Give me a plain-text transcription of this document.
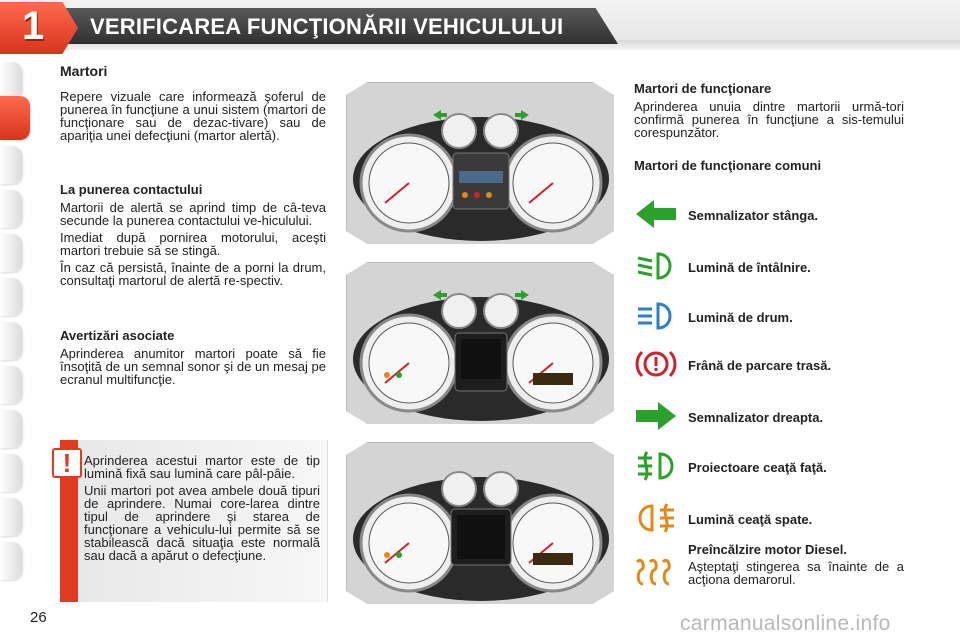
VERIFICAREA FUNCŢIONĂRII VEHICULULUI
1
Martori

Repere vizuale care informează şoferul de punerea în funcţiune a unui sistem (martori de funcţionare sau de dezac-tivare) sau de apariţia unei defecţiuni (martor alertă).

La punerea contactului

Martorii de alertă se aprind timp de câ-teva secunde la punerea contactului ve-hiculului.

Imediat după pornirea motorului, aceşti martori trebuie să se stingă.

În caz că persistă, înainte de a porni la drum, consultaţi martorul de alertă re-spectiv.

Avertizări asociate

Aprinderea anumitor martori poate să fie însoţită de un semnal sonor şi de un mesaj pe ecranul multifuncţie.

! Aprinderea acestui martor este de tip lumină fixă sau lumină care pâl-pâie.

Unii martori pot avea ambele două tipuri de aprindere. Numai core-larea dintre tipul de aprindere şi starea de funcţionare a vehiculu-lui permite să se stabilească dacă situaţia este normală sau dacă a apărut o defecţiune.

Martori de funcţionare

Aprinderea unuia dintre martorii urmă-tori confirmă punerea în funcţiune a sis-temului corespunzător.

Martori de funcţionare comuni
Semnalizator stânga.
Lumină de întâlnire.
Lumină de drum.
Frână de parcare trasă.
Semnalizator dreapta.
Proiectoare ceaţă faţă.
Lumină ceaţă spate.
Preîncălzire motor Diesel.

Aşteptaţi stingerea sa înainte de a acţiona demarorul.

26	carmanualsonline.info
